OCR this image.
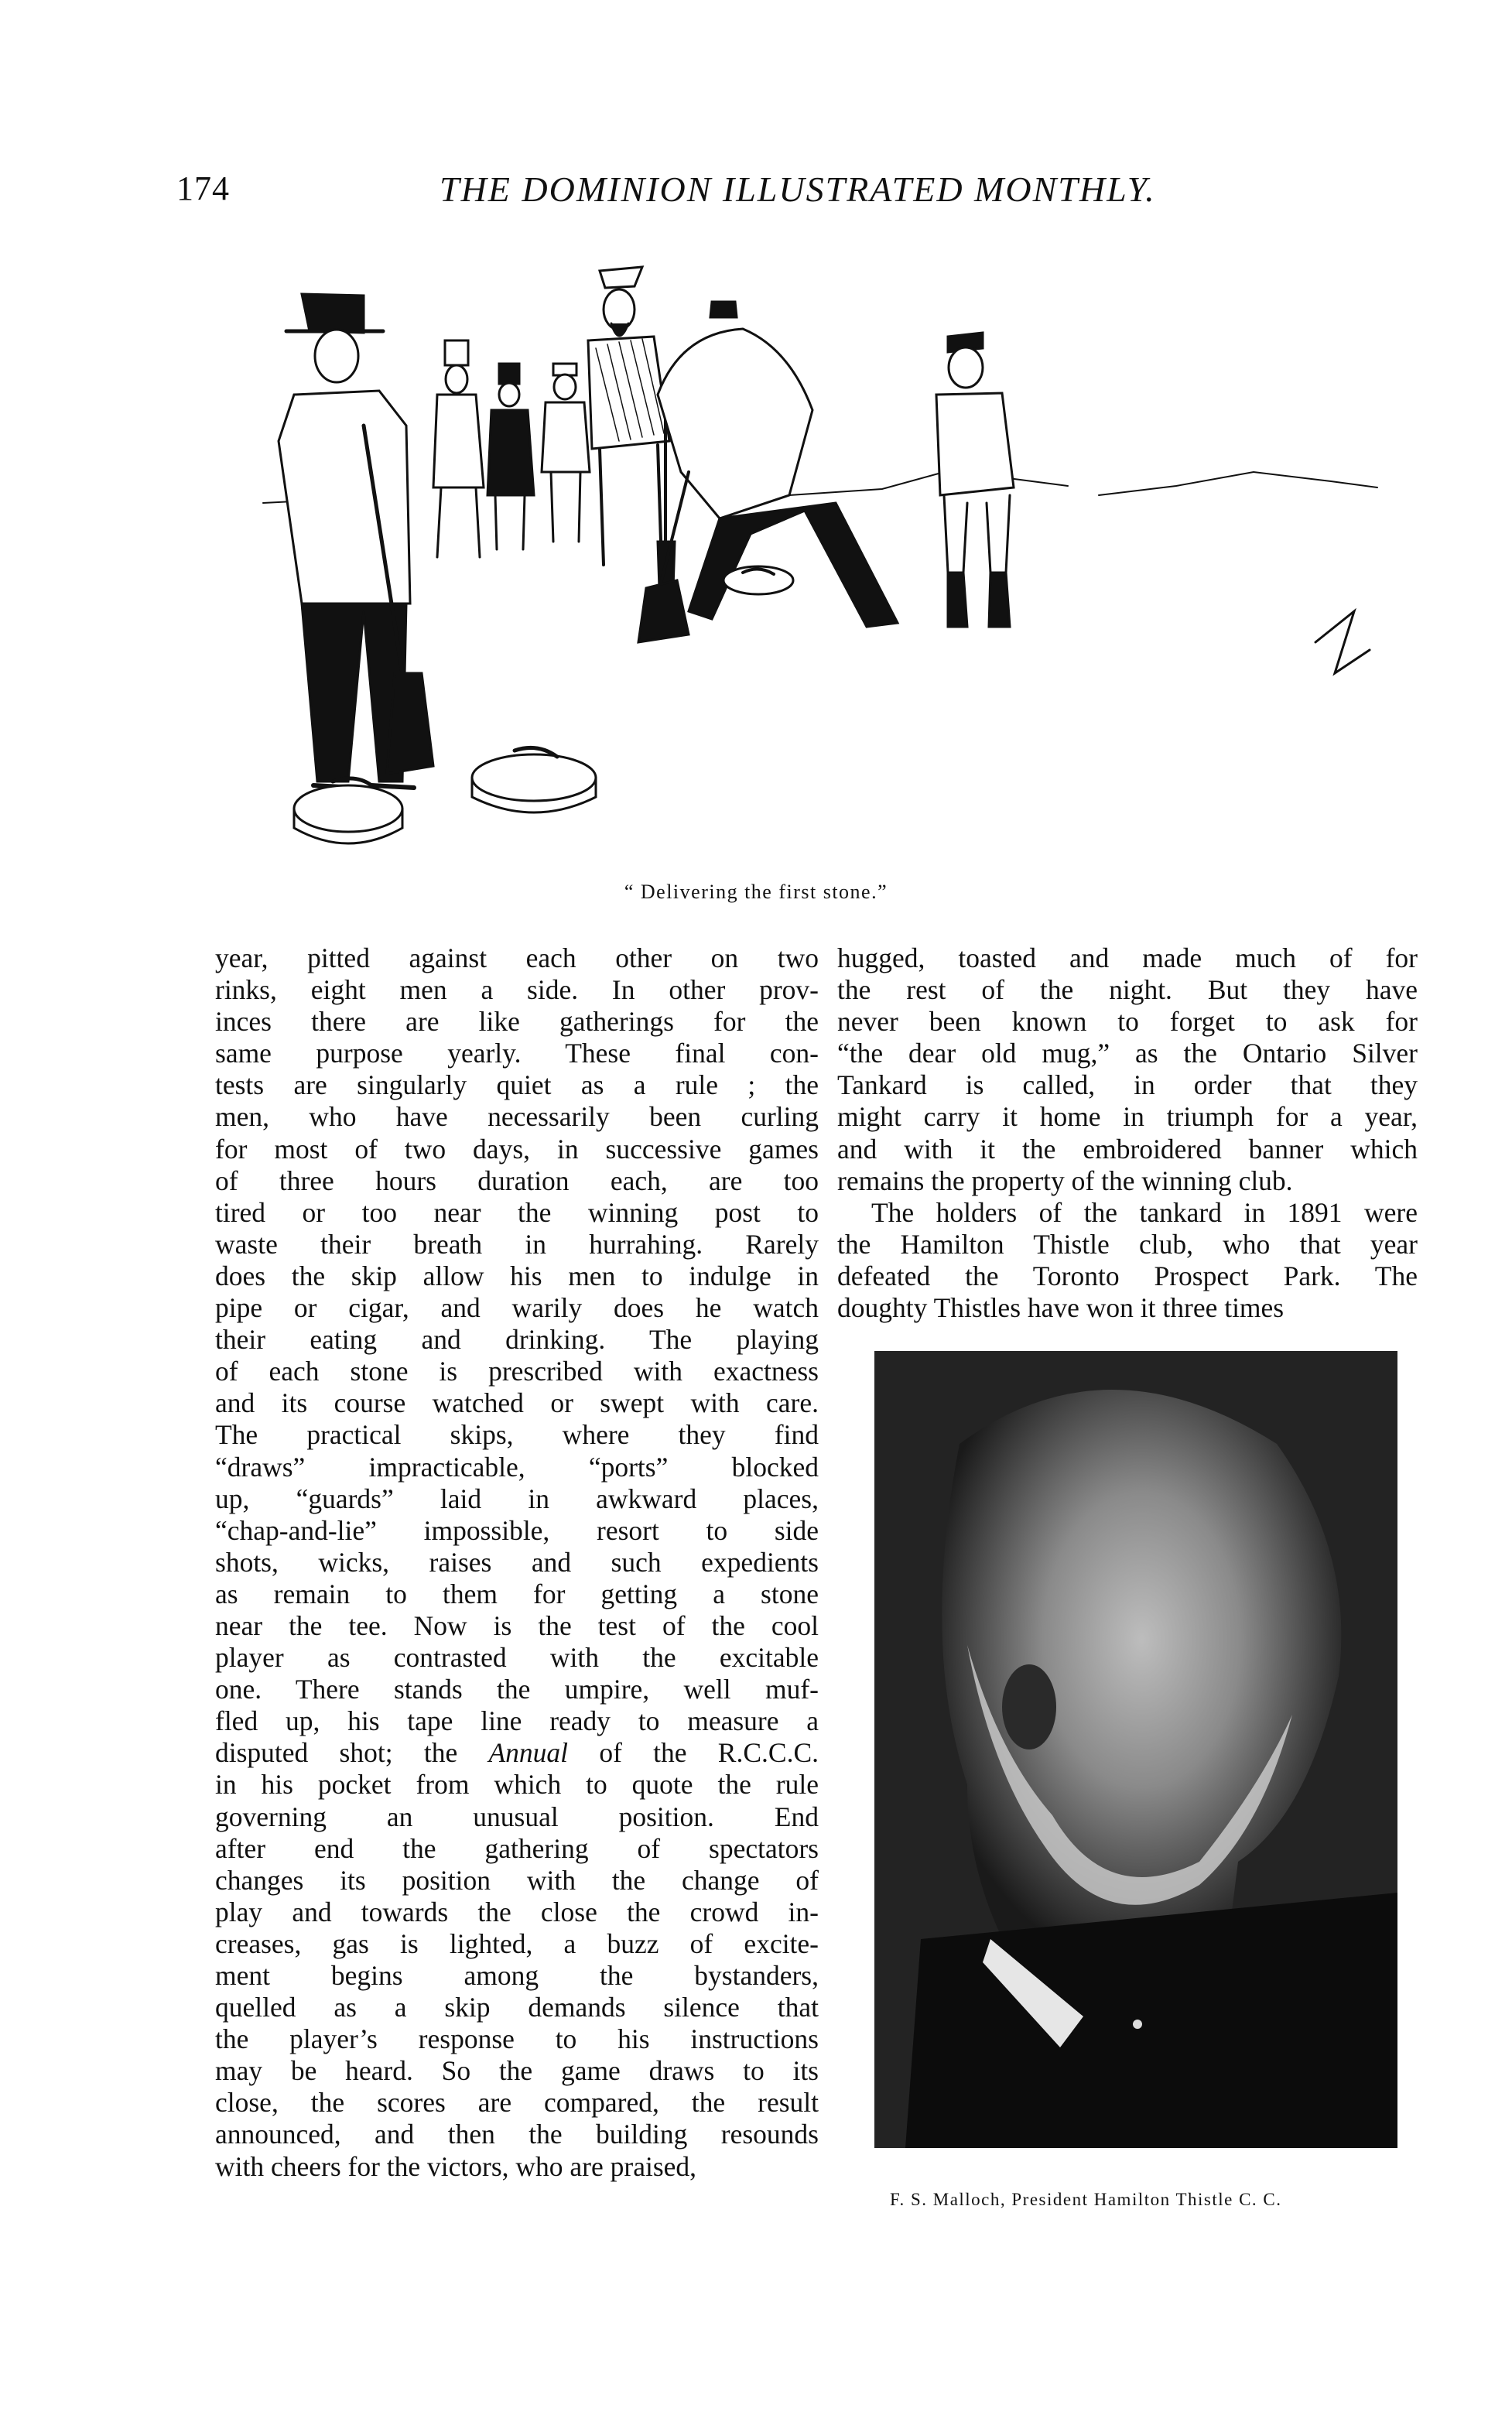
174	THE DOMINION ILLUSTRATED MONTHLY.
“ Delivering the first stone.”

year, pitted against each other on two

rinks, eight men a side. In other prov-

inces there are like gatherings for the

same purpose yearly. These final con-

tests are singularly quiet as a rule ; the

men, who have necessarily been curling

for most of two days, in successive games

of three hours duration each, are too

tired or too near the winning post to

waste their breath in hurrahing. Rarely

does the skip allow his men to indulge in

pipe or cigar, and warily does he watch

their eating and drinking. The playing

of each stone is prescribed with exactness

and its course watched or swept with care.

The practical skips, where they find

“draws” impracticable, “ports” blocked

up, “guards” laid in awkward places,

“chap-and-lie” impossible, resort to side

shots, wicks, raises and such expedients

as remain to them for getting a stone

near the tee. Now is the test of the cool

player as contrasted with the excitable

one. There stands the umpire, well muf-

fled up, his tape line ready to measure a

disputed shot; the Annual of the R.C.C.C.

in his pocket from which to quote the rule

governing an unusual position. End

after end the gathering of spectators

changes its position with the change of

play and towards the close the crowd in-

creases, gas is lighted, a buzz of excite-

ment begins among the bystanders,

quelled as a skip demands silence that

the player’s response to his instructions

may be heard. So the game draws to its

close, the scores are compared, the result

announced, and then the building resounds

with cheers for the victors, who are praised,

hugged, toasted and made much of for

the rest of the night. But they have

never been known to forget to ask for

“the dear old mug,” as the Ontario Silver

Tankard is called, in order that they

might carry it home in triumph for a year,

and with it the embroidered banner which

remains the property of the winning club.

The holders of the tankard in 1891 were

the Hamilton Thistle club, who that year

defeated the Toronto Prospect Park. The

doughty Thistles have won it three times

F. S. Malloch, President Hamilton Thistle C. C.
